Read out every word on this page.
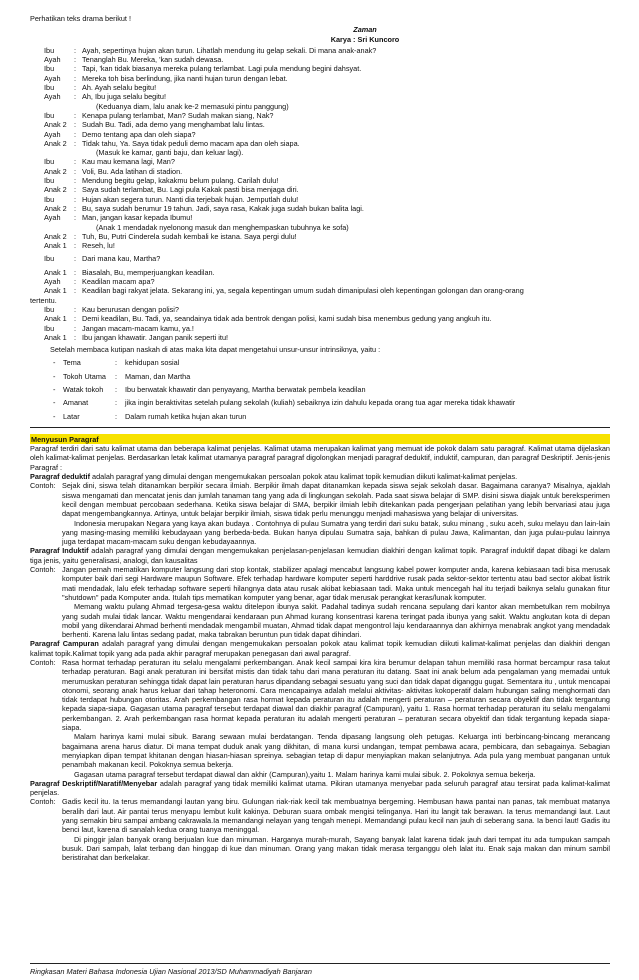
Perhatikan teks drama berikut !
Zaman
Karya : Sri Kuncoro
Ibu	: Ayah, sepertinya hujan akan turun. Lihatlah mendung itu gelap sekali. Di mana anak-anak?
Ayah	: Tenanglah Bu. Mereka, 'kan sudah dewasa.
Ibu	: Tapi, 'kan tidak biasanya mereka pulang terlambat. Lagi pula mendung begini dahsyat.
Ayah	: Mereka toh bisa berlindung, jika nanti hujan turun dengan lebat.
Ibu	: Ah. Ayah selalu begitu!
Ayah	: Ah, Ibu juga selalu begitu!
(Keduanya diam, lalu anak ke-2 memasuki pintu panggung)
Ibu	: Kenapa pulang terlambat, Man? Sudah makan siang, Nak?
Anak 2 : Sudah Bu. Tadi, ada demo yang menghambat lalu lintas.
Ayah	: Demo tentang apa dan oleh siapa?
Anak 2 : Tidak tahu, Ya. Saya tidak peduli demo macam apa dan oleh siapa.
(Masuk ke kamar, ganti baju, dan keluar lagi).
Ibu	: Kau mau kemana lagi, Man?
Anak 2 : Voli, Bu. Ada latihan di stadion.
Ibu	: Mendung begitu gelap, kakakmu belum pulang. Carilah dulu!
Anak 2 : Saya sudah terlambat, Bu. Lagi pula Kakak pasti bisa menjaga diri.
Ibu	: Hujan akan segera turun. Nanti dia terjebak hujan. Jemputlah dulu!
Anak 2 : Bu, saya sudah berumur 19 tahun. Jadi, saya rasa, Kakak juga sudah bukan balita lagi.
Ayah	: Man, jangan kasar kepada Ibumu!
(Anak 1 mendadak nyelonong masuk dan menghempaskan tubuhnya ke sofa)
Anak 2 : Tuh, Bu, Putri Cinderela sudah kembali ke istana. Saya pergi dulu!
Anak 1 : Reseh, lu!
Ibu	: Dari mana kau, Martha?
Anak 1 : Biasalah, Bu, memperjuangkan keadilan.
Ayah	: Keadilan macam apa?
Anak 1 : Keadilan bagi rakyat jelata. Sekarang ini, ya, segala kepentingan umum sudah dimanipulasi oleh kepentingan golongan dan orang-orang
tertentu.
Ibu	: Kau berurusan dengan polisi?
Anak 1 : Demi keadilan, Bu. Tadi, ya, seandainya tidak ada bentrok dengan polisi, kami sudah bisa menembus gedung yang angkuh itu.
Ibu	: Jangan macam-macam kamu, ya.!
Anak 1 : Ibu jangan khawatir. Jangan panik seperti itu!
Setelah membaca kutipan naskah di atas maka kita dapat mengetahui unsur-unsur intrinsiknya, yaitu :
-	Tema	:	kehidupan sosial
-	Tokoh Utama	:	Maman, dan Martha
-	Watak tokoh	:	Ibu berwatak khawatir dan penyayang, Martha berwatak pembela keadilan
-	Amanat	:	jika ingin beraktivitas setelah pulang sekolah (kuliah) sebaiknya izin dahulu kepada orang tua agar mereka tidak khawatir
-	Latar	:	Dalam rumah ketika hujan akan turun
Menyusun Paragraf

Paragraf terdiri dari satu kalimat utama dan beberapa kalimat penjelas. Kalimat utama merupakan kalimat yang memuat ide pokok dalam satu paragraf. Kalimat utama dijelaskan oleh kalimat-kalimat penjelas. Berdasarkan letak kalimat utamanya paragraf paragraf digolongkan menjadi paragraf deduktif, induktif, campuran, dan paragraf Deskriptif. Jenis-jenis Paragraf :

Paragraf deduktif adalah paragraf yang dimulai dengan mengemukakan persoalan pokok atau kalimat topik kemudian diikuti kalimat-kalimat penjelas.

Contoh: Sejak dini, siswa telah ditanamkan berpikir secara ilmiah. Berpikir ilmah dapat ditanamkan kepada siswa sejak sekolah dasar. Bagaimana caranya? Misalnya, ajaklah siswa mengamati dan mencatat jenis dan jumlah tanaman tang yang ada di lingkungan sekolah. Pada saat siswa belajar di SMP. disini siswa diajak untuk bereksperimen kecil dengan membuat percobaan sederhana. Ketika siswa belajar di SMA, berpikir ilmiah lebih ditekankan pada pengerjaan pelatihan yang lebih bervariasi atau juga dapat mengembangkannya. Artinya, untuk belajar berpikir ilmiah, siswa tidak perlu menunggu menjadi mahasiswa yang belajar di universitas.

Indonesia merupakan Negara yang kaya akan budaya . Contohnya di pulau Sumatra yang terdiri dari suku batak, suku minang , suku aceh, suku melayu dan lain-lain yang masing-masing memiliki kebudayaan yang berbeda-beda. Bukan hanya dipulau Sumatra saja, bahkan di pulau Jawa, Kalimantan, dan juga pulau-pulau lainnya juga terdapat macam-macam suku dengan kebudayaannya.

Paragraf Induktif adalah paragraf yang dimulai dengan mengemukakan penjelasan-penjelasan kemudian diakhiri dengan kalimat topik. Paragraf induktif dapat dibagi ke dalam tiga jenis, yaitu generalisasi, analogi, dan kausalitas

Contoh: Jangan pernah mematikan komputer langsung dari stop kontak, stabilizer apalagi mencabut langsung kabel power komputer anda, karena kebiasaan tadi bisa merusak komputer baik dari segi Hardware maupun Software. Efek terhadap hardware komputer seperti harddrive rusak pada sektor-sektor tertentu atau bad sector akibat listrik mati mendadak, lalu efek terhadap software seperti hilangnya data atau rusak akibat kebiasaan tadi. Maka untuk mencegah hal itu terjadi baiknya selalu gunakan fitur "shutdown" pada Komputer anda. Itulah tips mematikan komputer yang benar, agar tidak merusak perangkat keras/lunak komputer.

Memang waktu pulang Ahmad tergesa-gesa waktu ditelepon ibunya sakit. Padahal tadinya sudah rencana sepulang dari kantor akan membetulkan rem mobilnya yang sudah mulai tidak lancar. Waktu mengendarai kendaraan pun Ahmad kurang konsentrasi karena teringat pada ibunya yang sakit. Waktu angkutan kota di depan mobil yang dikendarai Ahmad berhenti mendadak mengambil muatan, Ahmad tidak dapat mengontrol laju kendaraannya dan akhirnya menabrak angkot yang mendadak berhenti. Karena lalu lintas sedang padat, maka tabrakan beruntun pun tidak dapat dihindari.

Paragraf Campuran adalah paragraf yang dimulai dengan mengemukakan persoalan pokok atau kalimat topik kemudian diikuti kalimat-kalimat penjelas dan diakhiri dengan kalimat topik.Kalimat topik yang ada pada akhir paragraf merupakan penegasan dari awal paragraf.

Contoh: Rasa hormat terhadap peraturan itu selalu mengalami perkembangan. Anak kecil sampai kira kira berumur delapan tahun memiliki rasa hormat bercampur rasa takut terhadap peraturan. Bagi anak peraturan ini bersifat mistis dan tidak tahu dari mana peraturan itu datang. Saat ini anak belum ada pengalaman yang memadai untuk merumuskan peraturan sehingga tidak dapat lain peraturan harus dipandang sebagai sesuatu yang suci dan tidak dapat diganggu gugat. Sementara itu , untuk mencapai otonomi, seorang anak harus keluar dari tahap heteronomi. Cara mencapainya adalah melalui aktivitas- aktivitas kokoperatif dalam hubungan saling menghormati dan tidak terdapat hubungan otoritas. Arah perkembangan rasa hormat kepada peraturan itu adalah mengerti peraturan – peraturan secara obyektif dan tidak tergantung kepada siapa-siapa. Gagasan utama paragraf tersebut terdapat diawal dan diakhir paragraf (Campuran), yaitu 1. Rasa hormat terhadap peraturan itu selalu mengalami perkembangan. 2. Arah perkembangan rasa hormat kepada peraturan itu adalah mengerti peraturan – peraturan secara obyektif dan tidak tergantung kepada siapa-siapa.

Malam harinya kami mulai sibuk. Barang sewaan mulai berdatangan. Tenda dipasang langsung oleh petugas. Keluarga inti berbincang-bincang merancang bagaimana arena harus diatur. Di mana tempat duduk anak yang dikhitan, di mana kursi undangan, tempat pembawa acara, pembicara, dan sebagainya. Sebagian menyiapkan dipan tempat khitanan dengan hiasan-hiasan spreinya. sebagian tetap di dapur menyiapkan makan selanjutnya. Ada pula yang membuat panganan untuk penambah makanan kecil. Pokoknya semua bekerja.

Gagasan utama paragraf tersebut terdapat diawal dan akhir (Campuran),yaitu 1. Malam harinya kami mulai sibuk. 2. Pokoknya semua bekerja.

Paragraf Deskriptif/Naratif/Menyebar adalah paragraf yang tidak memiliki kalimat utama. Pikiran utamanya menyebar pada seluruh paragraf atau tersirat pada kalimat-kalimat penjelas.

Contoh: Gadis kecil itu. Ia terus memandangi lautan yang biru. Gulungan riak-riak kecil tak membuatnya bergeming. Hembusan hawa pantai nan panas, tak membuat matanya beralih dari laut. Air pantai terus menyapu lembut kulit kakinya. Deburan suara ombak mengisi telinganya. Hari itu langit tak berawan. Ia terus memandangi laut. Laut yang semakin biru sampai ambang cakrawala.Ia memandangi nelayan yang tengah menepi. Memandangi pulau kecil nan jauh di seberang sana. Ia benci laut! Gadis itu benci laut, karena di sanalah kedua orang tuanya meninggal.

Di pinggir jalan banyak orang berjualan kue dan minuman. Harganya murah-murah, Sayang banyak lalat karena tidak jauh dari tempat itu ada tumpukan sampah busuk. Dari sampah, lalat terbang dan hinggap di kue dan minuman. Orang yang makan tidak merasa terganggu oleh lalat itu. Enak saja makan dan minum sambil beristirahat dan berkelakar.

Ringkasan Materi Bahasa Indonesia Ujian Nasional 2013/SD Muhammadiyah Banjaran
